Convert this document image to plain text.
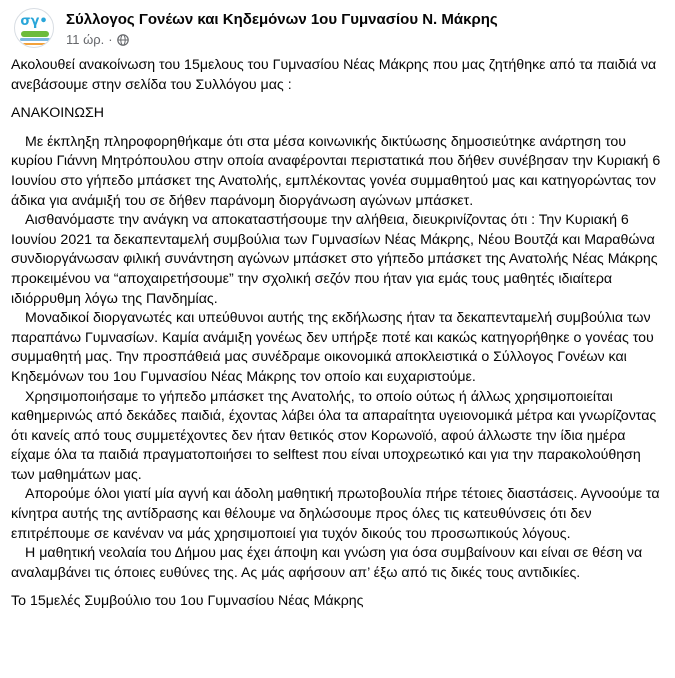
σγ• Σύλλογος Γονέων και Κηδεμόνων 1ου Γυμνασίου Ν. Μάκρης
11 ώρ. ·

Ακολουθεί ανακοίνωση του 15μελους του Γυμνασίου Νέας Μάκρης που μας ζητήθηκε από τα παιδιά να ανεβάσουμε στην σελίδα του Συλλόγου μας :

ΑΝΑΚΟΙΝΩΣΗ

Με έκπληξη πληροφορηθήκαμε ότι στα μέσα κοινωνικής δικτύωσης δημοσιεύτηκε ανάρτηση του κυρίου Γιάννη Μητρόπουλου στην οποία αναφέρονται περιστατικά που δήθεν συνέβησαν την Κυριακή 6 Ιουνίου στο γήπεδο μπάσκετ της Ανατολής, εμπλέκοντας γονέα συμμαθητού μας και κατηγορώντας τον άδικα για ανάμιξή του σε δήθεν παράνομη διοργάνωση αγώνων μπάσκετ.

Αισθανόμαστε την ανάγκη να αποκαταστήσουμε την αλήθεια, διευκρινίζοντας ότι : Την Κυριακή 6 Ιουνίου 2021 τα δεκαπενταμελή συμβούλια των Γυμνασίων Νέας Μάκρης, Νέου Βουτζά και Μαραθώνα συνδιοργάνωσαν φιλική συνάντηση αγώνων μπάσκετ στο γήπεδο μπάσκετ της Ανατολής Νέας Μάκρης προκειμένου να “αποχαιρετήσουμε” την σχολική σεζόν που ήταν για εμάς τους μαθητές ιδιαίτερα ιδιόρρυθμη λόγω της Πανδημίας.

Μοναδικοί διοργανωτές και υπεύθυνοι αυτής της εκδήλωσης ήταν τα δεκαπενταμελή συμβούλια των παραπάνω Γυμνασίων. Καμία ανάμιξη γονέως δεν υπήρξε ποτέ και κακώς κατηγορήθηκε ο γονέας του συμμαθητή μας. Την προσπάθειά μας συνέδραμε οικονομικά αποκλειστικά ο Σύλλογος Γονέων και Κηδεμόνων του 1ου Γυμνασίου Νέας Μάκρης τον οποίο και ευχαριστούμε.

Χρησιμοποιήσαμε το γήπεδο μπάσκετ της Ανατολής, το οποίο ούτως ή άλλως χρησιμοποιείται καθημερινώς από δεκάδες παιδιά, έχοντας λάβει όλα τα απαραίτητα υγειονομικά μέτρα και γνωρίζοντας ότι κανείς από τους συμμετέχοντες δεν ήταν θετικός στον Κορωνοϊό, αφού άλλωστε την ίδια ημέρα είχαμε όλα τα παιδιά πραγματοποιήσει το selftest που είναι υποχρεωτικό και για την παρακολούθηση των μαθημάτων μας.

Απορούμε όλοι γιατί μία αγνή και άδολη μαθητική πρωτοβουλία πήρε τέτοιες διαστάσεις. Αγνοούμε τα κίνητρα αυτής της αντίδρασης και θέλουμε να δηλώσουμε προς όλες τις κατευθύνσεις ότι δεν επιτρέπουμε σε κανέναν να μάς χρησιμοποιεί για τυχόν δικούς του προσωπικούς λόγους.

Η μαθητική νεολαία του Δήμου μας έχει άποψη και γνώση για όσα συμβαίνουν και είναι σε θέση να αναλαμβάνει τις όποιες ευθύνες της. Ας μάς αφήσουν απ’ έξω από τις δικές τους αντιδικίες.

Το 15μελές Συμβούλιο του 1ου Γυμνασίου Νέας Μάκρης
